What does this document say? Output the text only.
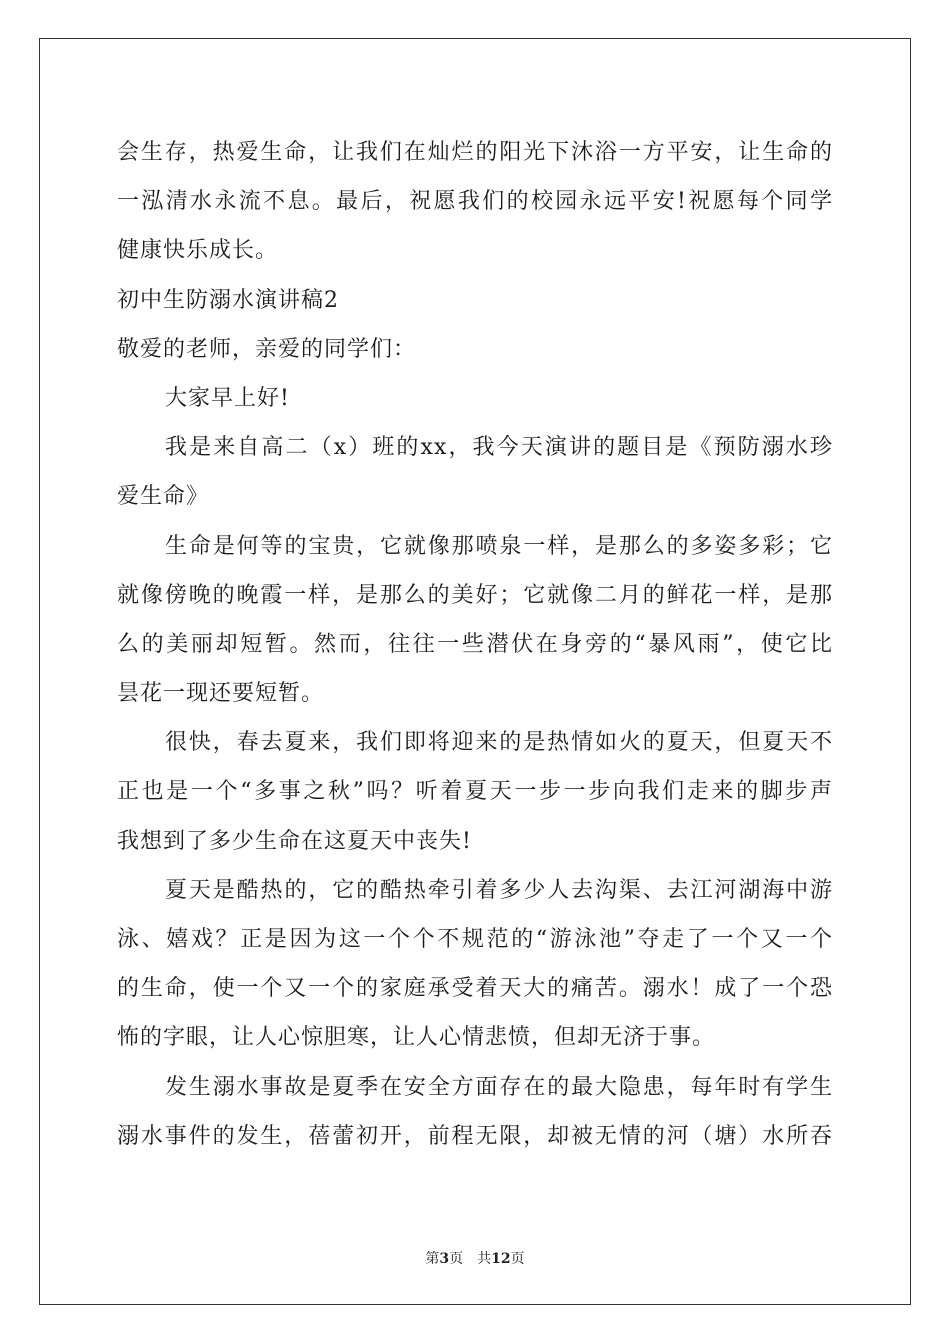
会生存，热爱生命，让我们在灿烂的阳光下沐浴一方平安，让生命的
一泓清水永流不息。最后，祝愿我们的校园永远平安!祝愿每个同学
健康快乐成长。
初中生防溺水演讲稿2
敬爱的老师，亲爱的同学们：
大家早上好!
我是来自高二（x）班的xx，我今天演讲的题目是《预防溺水珍
爱生命》
生命是何等的宝贵，它就像那喷泉一样，是那么的多姿多彩；它
就像傍晚的晚霞一样，是那么的美好；它就像二月的鲜花一样，是那
么的美丽却短暂。然而，往往一些潜伏在身旁的“暴风雨”，使它比
昙花一现还要短暂。
很快，春去夏来，我们即将迎来的是热情如火的夏天，但夏天不
正也是一个“多事之秋”吗？听着夏天一步一步向我们走来的脚步声
我想到了多少生命在这夏天中丧失!
夏天是酷热的，它的酷热牵引着多少人去沟渠、去江河湖海中游
泳、嬉戏？正是因为这一个个不规范的“游泳池”夺走了一个又一个
的生命，使一个又一个的家庭承受着天大的痛苦。溺水！成了一个恐
怖的字眼，让人心惊胆寒，让人心情悲愤，但却无济于事。
发生溺水事故是夏季在安全方面存在的最大隐患，每年时有学生
溺水事件的发生，蓓蕾初开，前程无限，却被无情的河（塘）水所吞
第3页 共12页
